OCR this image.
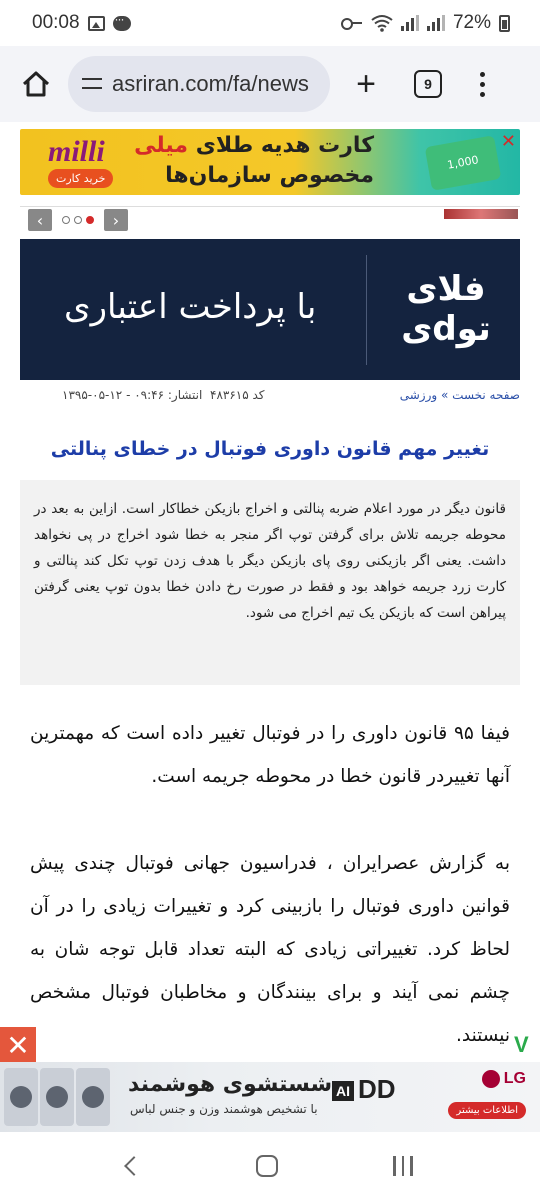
00:08
···	72%
asriran.com/fa/news	+	9
milli
خرید کارت
کارت هدیه طلای میلی
مخصوص سازمان‌ها
1,000
✕
‹	›
با پرداخت اعتباری	فلای توdی
صفحه نخست » ورزشی
کد ۴۸۳۶۱۵
انتشار: ۰۹:۴۶ - ۱۲-۰۵-۱۳۹۵
تغییر مهم قانون داوری فوتبال در خطای پنالتی
قانون دیگر در مورد اعلام ضربه پنالتی و اخراج بازیکن خطاکار است. ازاین به بعد در محوطه جریمه تلاش برای گرفتن توپ اگر منجر به خطا شود اخراج در پی نخواهد داشت. یعنی اگر بازیکنی روی پای بازیکن دیگر با هدف زدن توپ تکل کند پنالتی و کارت زرد جریمه خواهد بود و فقط در صورت رخ دادن خطا بدون توپ یعنی گرفتن پیراهن است که بازیکن یک تیم اخراج می شود.

فیفا ۹۵ قانون داوری را در فوتبال تغییر داده است که مهمترین آنها تغییردر قانون خطا در محوطه جریمه است.

به گزارش عصرایران ، فدراسیون جهانی فوتبال چندی پیش قوانین داوری فوتبال را بازبینی کرد و تغییرات زیادی را در آن لحاظ کرد. تغییراتی زیادی که البته تعداد قابل توجه شان به چشم نمی آیند و برای بینندگان و مخاطبان فوتبال مشخص نیستند.

✕	V
شستشوی هوشمند
با تشخیص هوشمند وزن و جنس لباس
AI DD	LG
اطلاعات بیشتر
